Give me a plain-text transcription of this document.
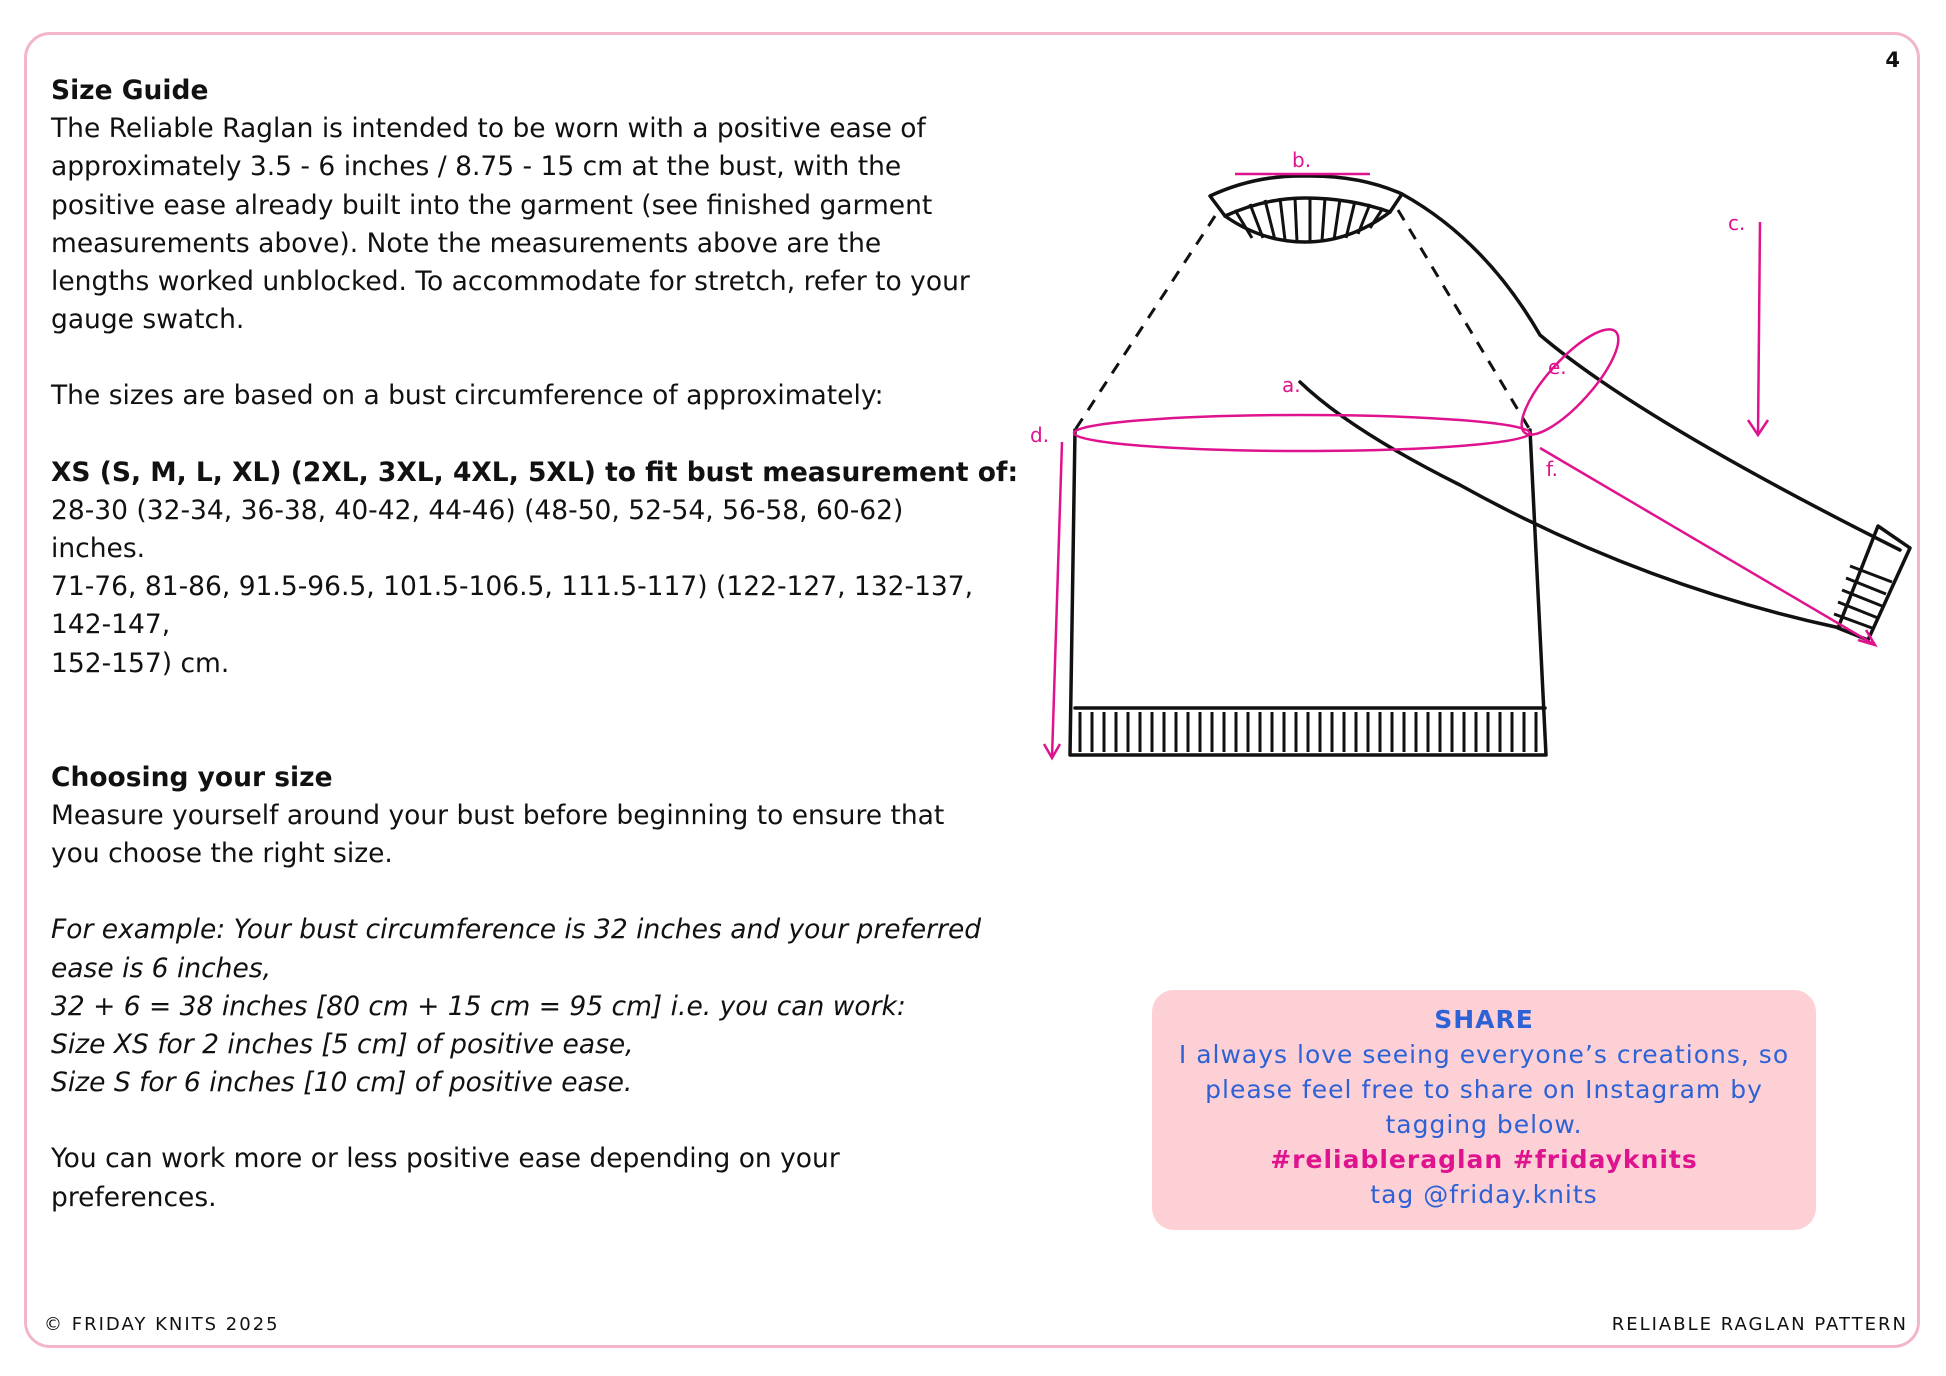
4

Size Guide

The Reliable Raglan is intended to be worn with a positive ease of

approximately 3.5 - 6 inches / 8.75 - 15 cm at the bust, with the

positive ease already built into the garment (see finished garment

measurements above). Note the measurements above are the

lengths worked unblocked. To accommodate for stretch, refer to your

gauge swatch.

The sizes are based on a bust circumference of approximately:

XS (S, M, L, XL) (2XL, 3XL, 4XL, 5XL) to fit bust measurement of:

28-30 (32-34, 36-38, 40-42, 44-46) (48-50, 52-54, 56-58, 60-62)

inches.

71-76, 81-86, 91.5-96.5, 101.5-106.5, 111.5-117) (122-127, 132-137, 142-147,

152-157) cm.

Choosing your size

Measure yourself around your bust before beginning to ensure that

you choose the right size.

For example: Your bust circumference is 32 inches and your preferred

ease is 6 inches,

32 + 6 = 38 inches [80 cm + 15 cm = 95 cm] i.e. you can work:

Size XS for 2 inches [5 cm] of positive ease,

Size S for 6 inches [10 cm] of positive ease.

You can work more or less positive ease depending on your

preferences.

a.
b.
c.
d.
e.
f.
SHARE
I always love seeing everyone’s creations, so
please feel free to share on Instagram by
tagging below.
#reliableraglan #fridayknits
tag @friday.knits
© FRIDAY KNITS 2025	RELIABLE RAGLAN PATTERN
